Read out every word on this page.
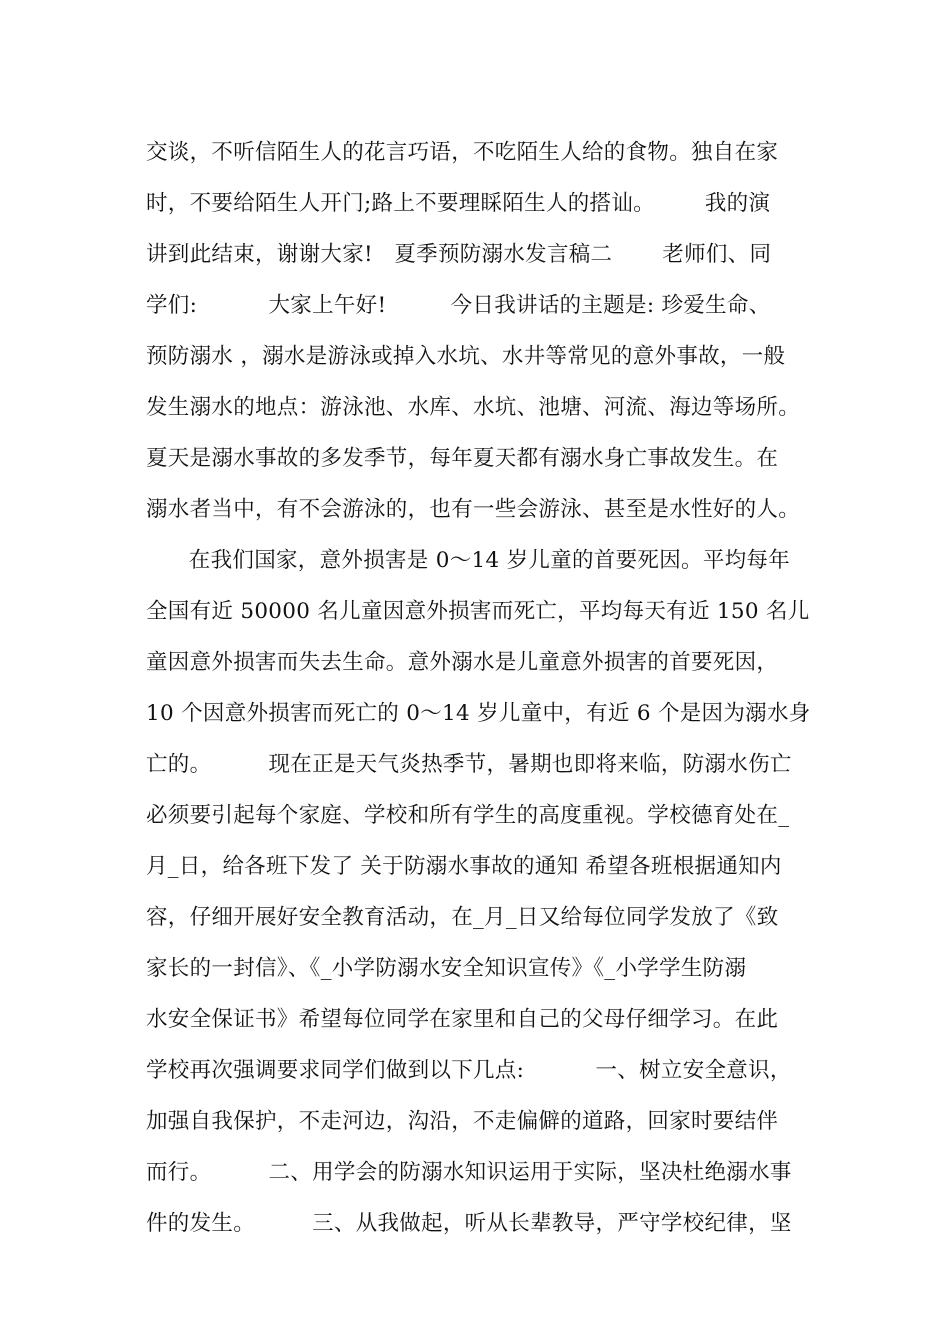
交谈，不听信陌生人的花言巧语，不吃陌生人给的食物。独自在家
时，不要给陌生人开门;路上不要理睬陌生人的搭讪。       我的演
讲到此结束，谢谢大家!   夏季预防溺水发言稿二       老师们、同
学们:          大家上午好!         今日我讲话的主题是: 珍爱生命、
预防溺水 ，溺水是游泳或掉入水坑、水井等常见的意外事故，一般
发生溺水的地点：游泳池、水库、水坑、池塘、河流、海边等场所。
夏天是溺水事故的多发季节，每年夏天都有溺水身亡事故发生。在
溺水者当中，有不会游泳的，也有一些会游泳、甚至是水性好的人。
在我们国家，意外损害是 0～14 岁儿童的首要死因。平均每年
全国有近 50000 名儿童因意外损害而死亡，平均每天有近 150 名儿
童因意外损害而失去生命。意外溺水是儿童意外损害的首要死因，
10 个因意外损害而死亡的 0～14 岁儿童中，有近 6 个是因为溺水身
亡的。        现在正是天气炎热季节，暑期也即将来临，防溺水伤亡
必须要引起每个家庭、学校和所有学生的高度重视。学校德育处在_
月_日，给各班下发了 关于防溺水事故的通知 希望各班根据通知内
容，仔细开展好安全教育活动，在_月_日又给每位同学发放了《致
家长的一封信》、《_小学防溺水安全知识宣传》《_小学学生防溺
水安全保证书》希望每位同学在家里和自己的父母仔细学习。在此
学校再次强调要求同学们做到以下几点:          一、树立安全意识，
加强自我保护，不走河边，沟沿，不走偏僻的道路，回家时要结伴
而行。        二、用学会的防溺水知识运用于实际，坚决杜绝溺水事
件的发生。        三、从我做起，听从长辈教导，严守学校纪律，坚
